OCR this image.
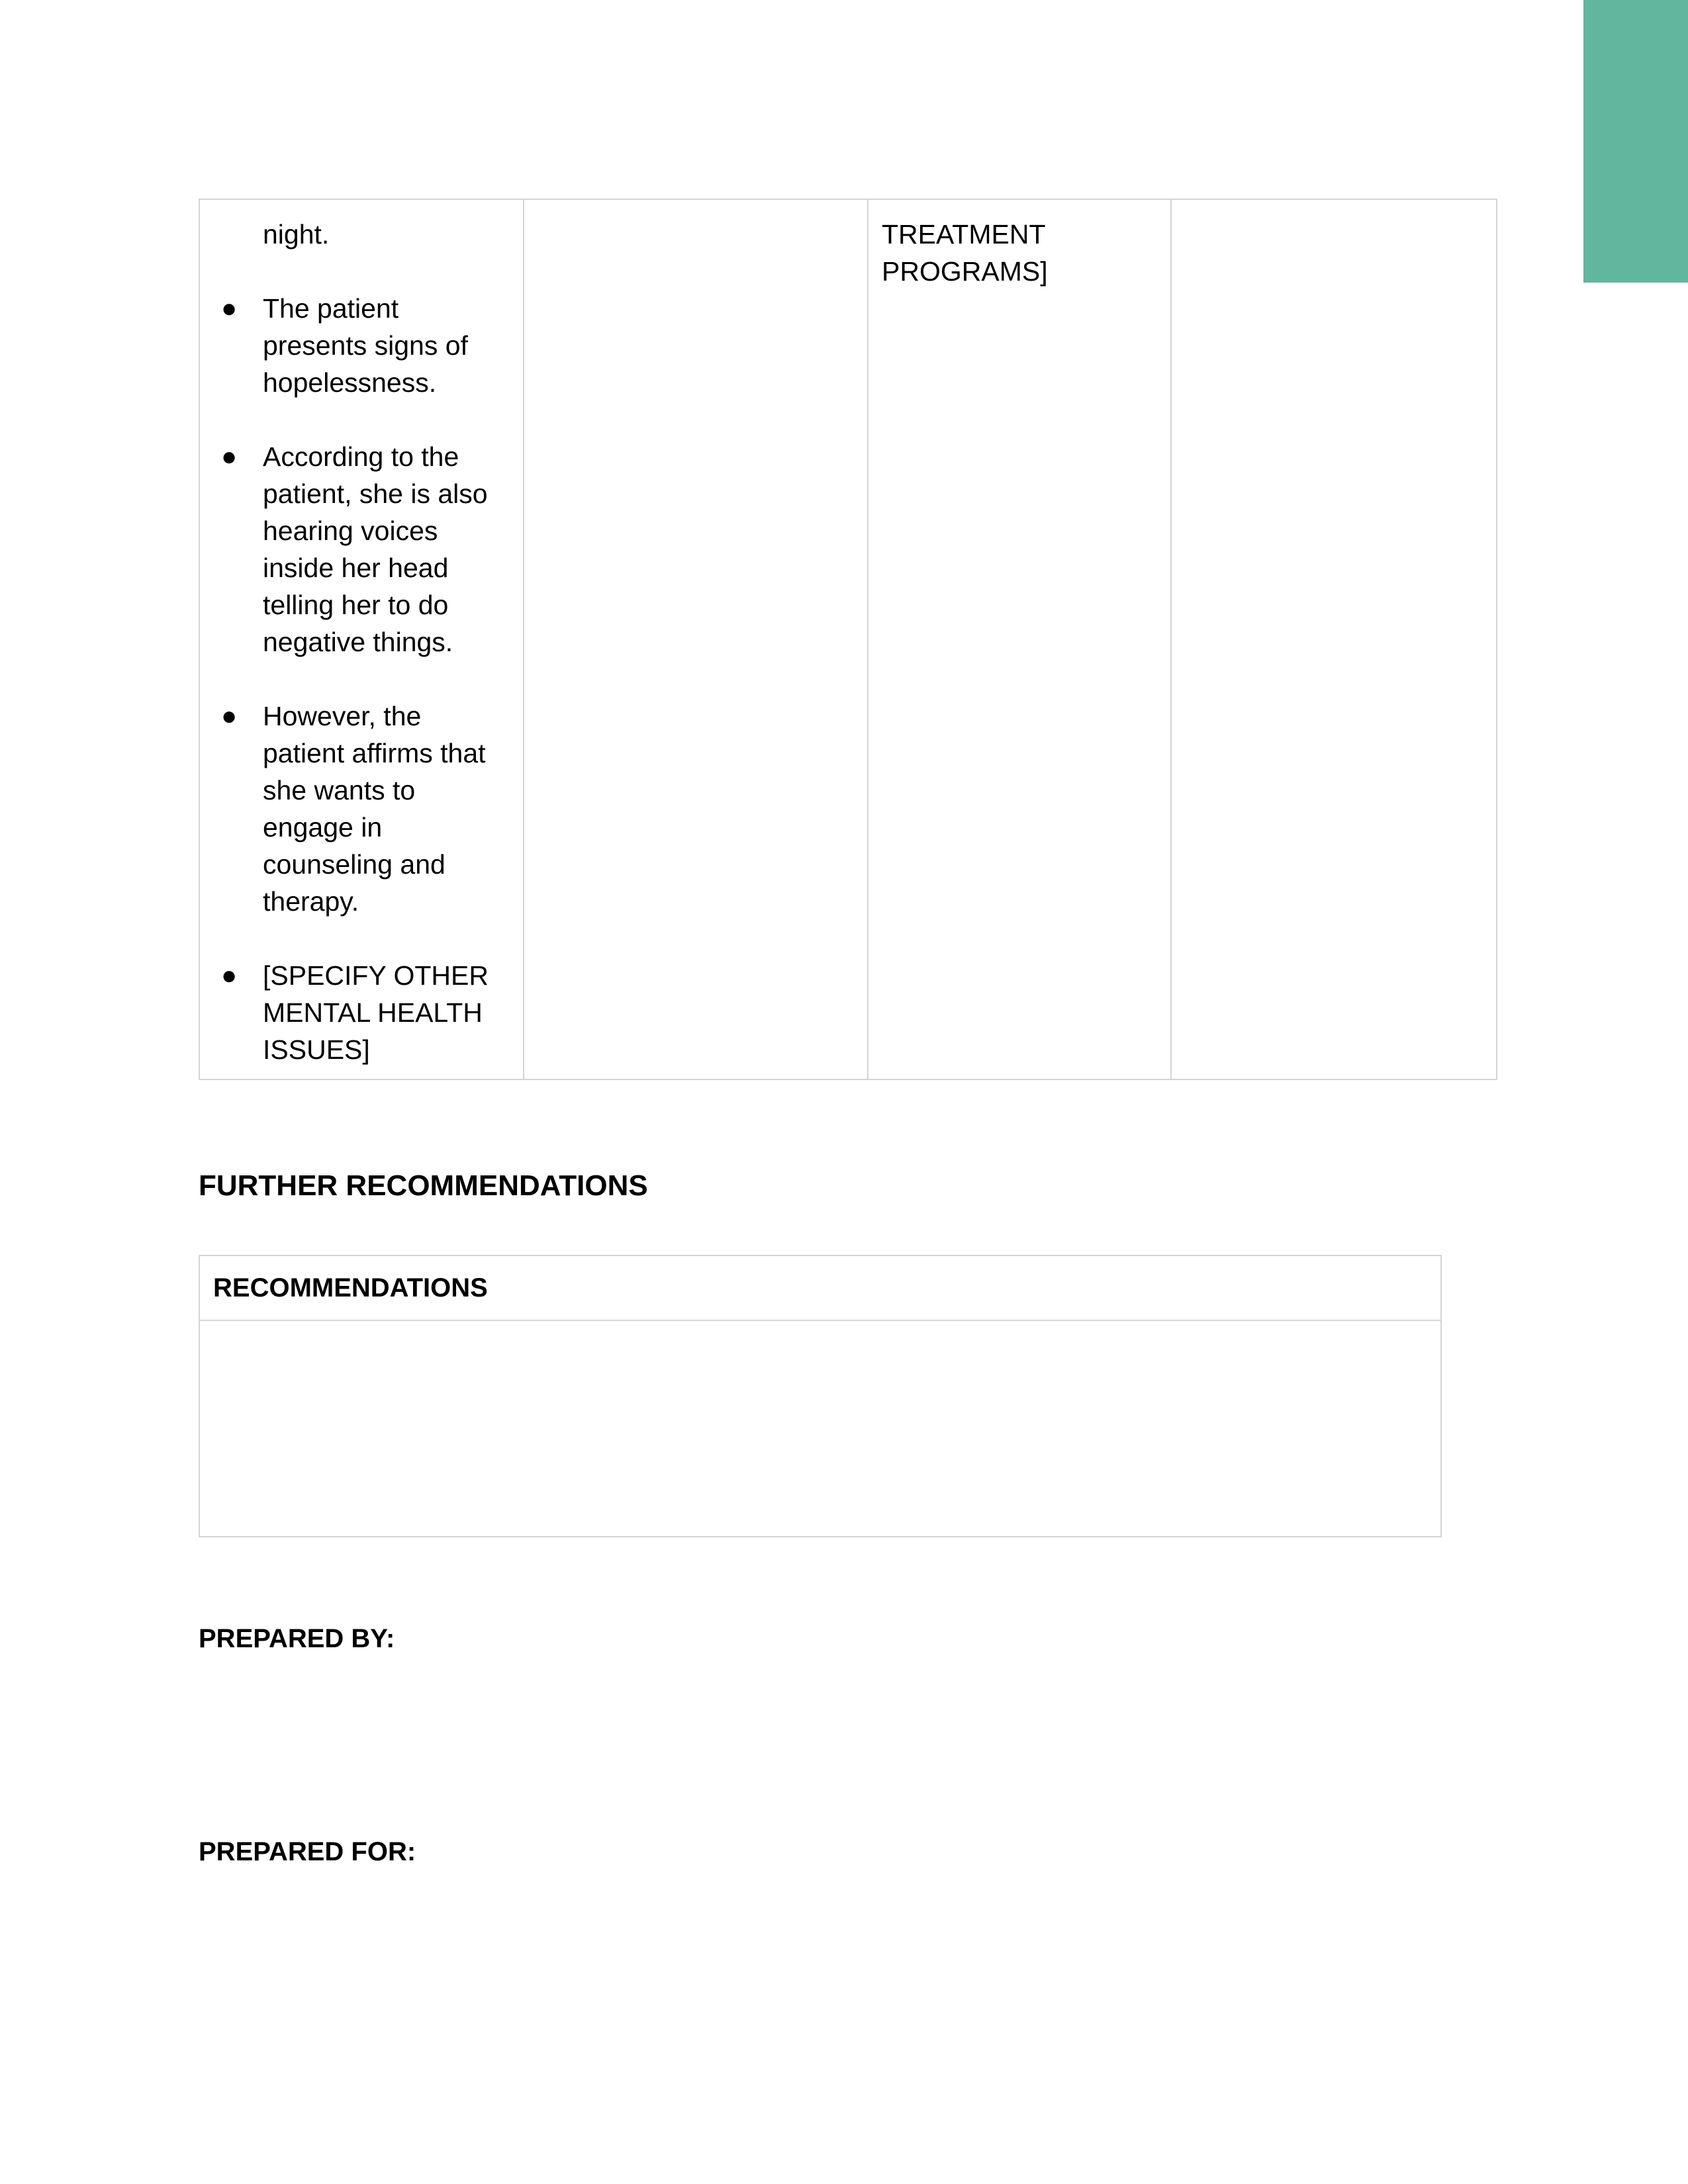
night.

● The patient presents signs of hopelessness.
● According to the patient, she is also hearing voices inside her head telling her to do negative things.
● However, the patient affirms that she wants to engage in counseling and therapy.
● [SPECIFY OTHER MENTAL HEALTH ISSUES]

TREATMENT PROGRAMS]

FURTHER RECOMMENDATIONS
RECOMMENDATIONS

PREPARED BY:

PREPARED FOR:
